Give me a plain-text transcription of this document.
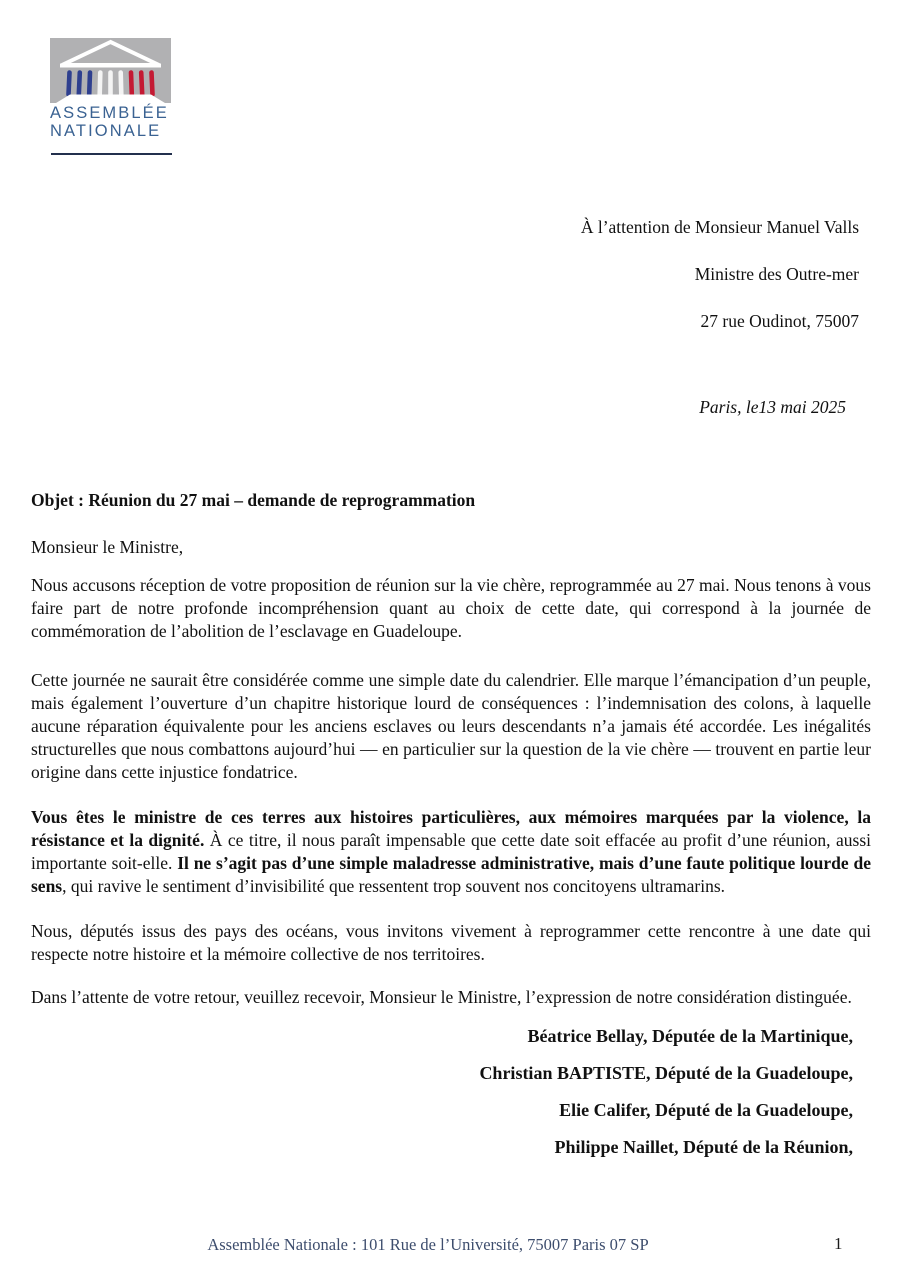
ASSEMBLÉE
NATIONALE
À l’attention de Monsieur Manuel Valls
Ministre des Outre-mer
27 rue Oudinot, 75007
Paris, le13 mai 2025

Objet : Réunion du 27 mai – demande de reprogrammation

Monsieur le Ministre,

Nous accusons réception de votre proposition de réunion sur la vie chère, reprogrammée au 27 mai. Nous tenons à vous faire part de notre profonde incompréhension quant au choix de cette date, qui correspond à la journée de commémoration de l’abolition de l’esclavage en Guadeloupe.

Cette journée ne saurait être considérée comme une simple date du calendrier. Elle marque l’émancipation d’un peuple, mais également l’ouverture d’un chapitre historique lourd de conséquences : l’indemnisation des colons, à laquelle aucune réparation équivalente pour les anciens esclaves ou leurs descendants n’a jamais été accordée. Les inégalités structurelles que nous combattons aujourd’hui — en particulier sur la question de la vie chère — trouvent en partie leur origine dans cette injustice fondatrice.

Vous êtes le ministre de ces terres aux histoires particulières, aux mémoires marquées par la violence, la résistance et la dignité. À ce titre, il nous paraît impensable que cette date soit effacée au profit d’une réunion, aussi importante soit-elle. Il ne s’agit pas d’une simple maladresse administrative, mais d’une faute politique lourde de sens, qui ravive le sentiment d’invisibilité que ressentent trop souvent nos concitoyens ultramarins.

Nous, députés issus des pays des océans, vous invitons vivement à reprogrammer cette rencontre à une date qui respecte notre histoire et la mémoire collective de nos territoires.

Dans l’attente de votre retour, veuillez recevoir, Monsieur le Ministre, l’expression de notre considération distinguée.

Béatrice Bellay, Députée de la Martinique,
Christian BAPTISTE, Député de la Guadeloupe,
Elie Califer, Député de la Guadeloupe,
Philippe Naillet, Député de la Réunion,
Assemblée Nationale : 101 Rue de l’Université, 75007 Paris 07 SP	1
